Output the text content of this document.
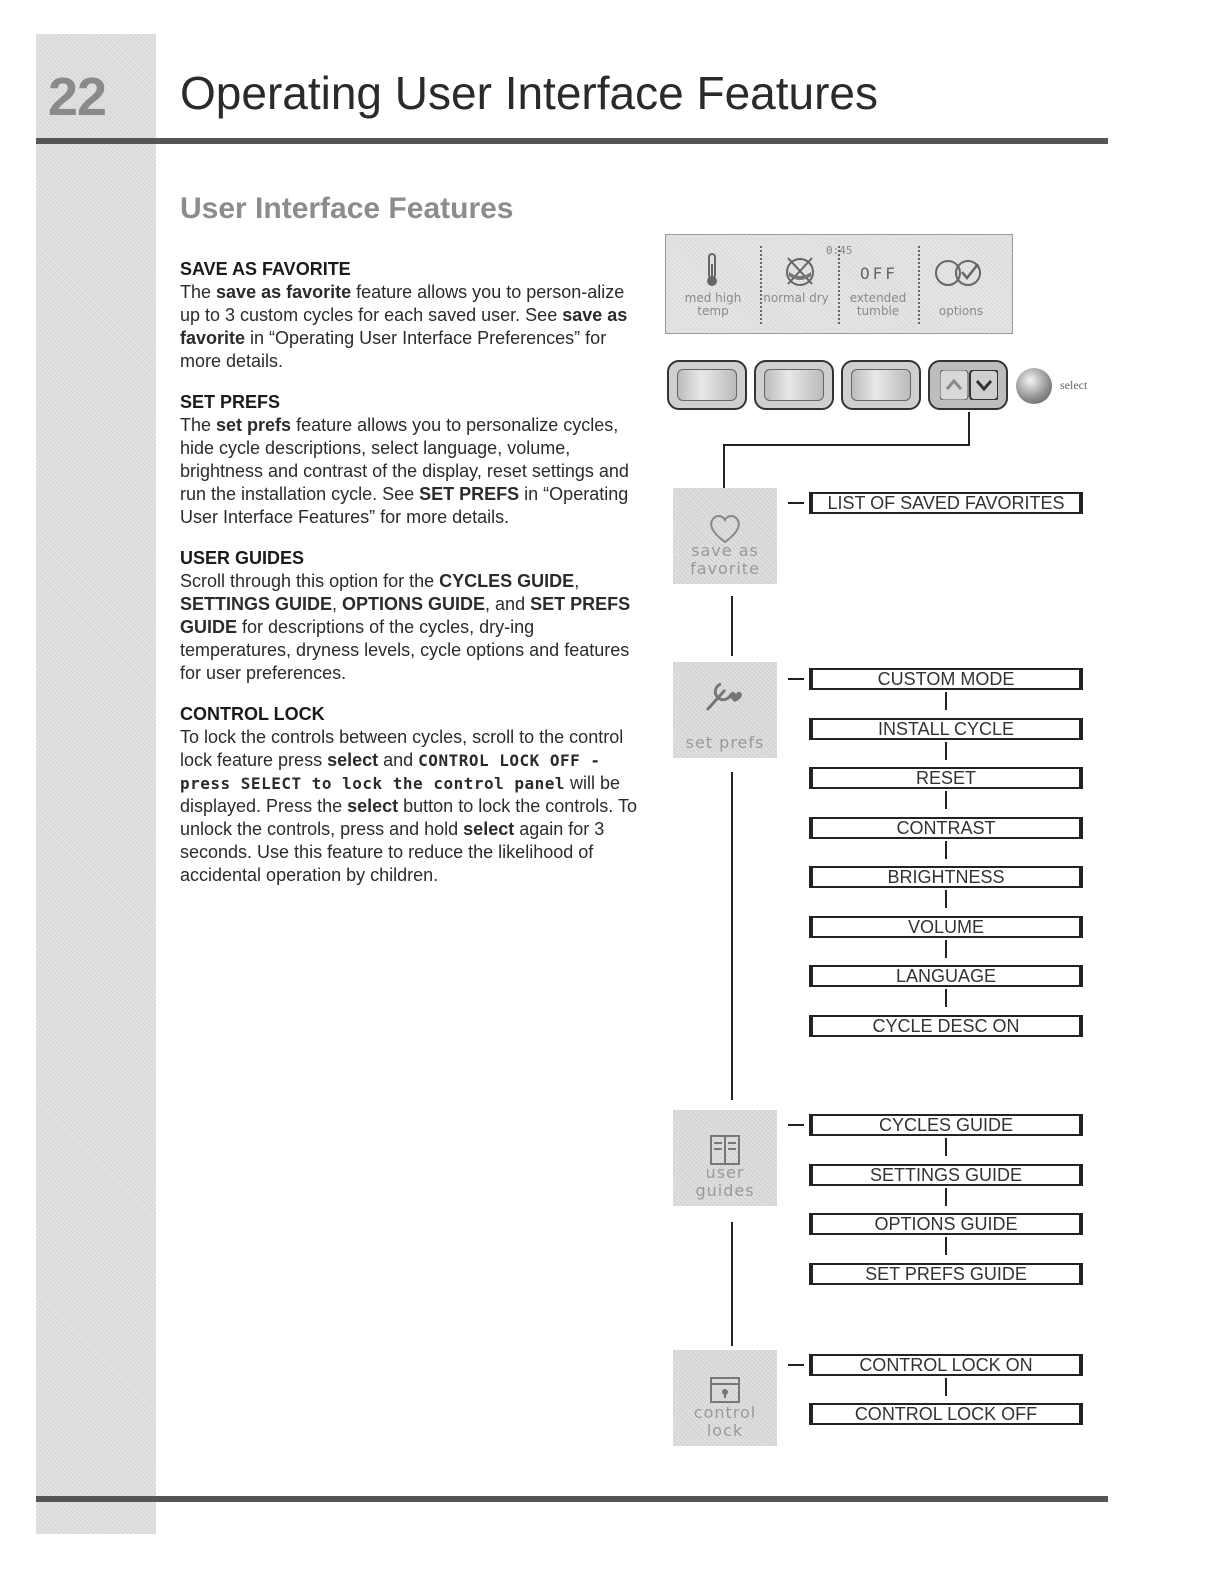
22 Operating User Interface Features
User Interface Features
SAVE AS FAVORITE

The save as favorite feature allows you to person-alize up to 3 custom cycles for each saved user. See save as favorite in “Operating User Interface Preferences” for more details.

SET PREFS

The set prefs feature allows you to personalize cycles, hide cycle descriptions, select language, volume, brightness and contrast of the display, reset settings and run the installation cycle. See SET PREFS in “Operating User Interface Features” for more details.

USER GUIDES

Scroll through this option for the CYCLES GUIDE, SETTINGS GUIDE, OPTIONS GUIDE, and SET PREFS GUIDE for descriptions of the cycles, dry-ing temperatures, dryness levels, cycle options and features for user preferences.

CONTROL LOCK

To lock the controls between cycles, scroll to the control lock feature press select and CONTROL LOCK OFF - press SELECT to lock the control panel will be displayed. Press the select button to lock the controls. To unlock the controls, press and hold select again for 3 seconds. Use this feature to reduce the likelihood of accidental operation by children.

0:45
OFF
med high temp
normal dry	extended tumble	options
select
save as favorite
set prefs
user guides
control lock
LIST OF SAVED FAVORITES
CUSTOM MODE
INSTALL CYCLE
RESET
CONTRAST
BRIGHTNESS
VOLUME
LANGUAGE
CYCLE DESC ON
CYCLES GUIDE
SETTINGS GUIDE
OPTIONS GUIDE
SET PREFS GUIDE
CONTROL LOCK ON
CONTROL LOCK OFF
